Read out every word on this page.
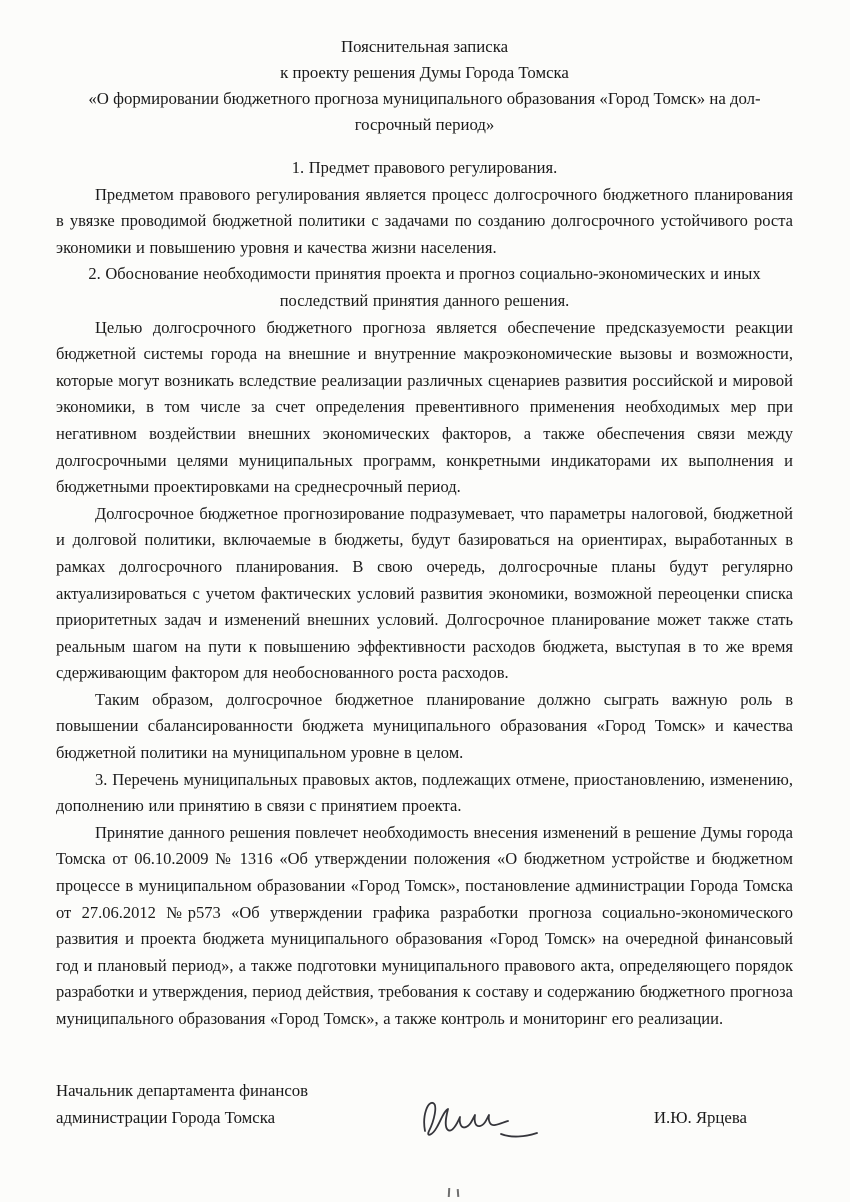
Пояснительная записка
к проекту решения Думы Города Томска
«О формировании бюджетного прогноза муниципального образования «Город Томск» на дол-
госрочный период»

1. Предмет правового регулирования.

Предметом правового регулирования является процесс долгосрочного бюджетного планирования в увязке проводимой бюджетной политики с задачами по созданию долгосрочного устойчивого роста экономики и повышению уровня и качества жизни населения.

2. Обоснование необходимости принятия проекта и прогноз социально-экономических и иных последствий принятия данного решения.

Целью долгосрочного бюджетного прогноза является обеспечение предсказуемости реакции бюджетной системы города на внешние и внутренние макроэкономические вызовы и возможности, которые могут возникать вследствие реализации различных сценариев развития российской и мировой экономики, в том числе за счет определения превентивного применения необходимых мер при негативном воздействии внешних экономических факторов, а также обеспечения связи между долгосрочными целями муниципальных программ, конкретными индикаторами их выполнения и бюджетными проектировками на среднесрочный период.

Долгосрочное бюджетное прогнозирование подразумевает, что параметры налоговой, бюджетной и долговой политики, включаемые в бюджеты, будут базироваться на ориентирах, выработанных в рамках долгосрочного планирования. В свою очередь, долгосрочные планы будут регулярно актуализироваться с учетом фактических условий развития экономики, возможной переоценки списка приоритетных задач и изменений внешних условий. Долгосрочное планирование может также стать реальным шагом на пути к повышению эффективности расходов бюджета, выступая в то же время сдерживающим фактором для необоснованного роста расходов.

Таким образом, долгосрочное бюджетное планирование должно сыграть важную роль в повышении сбалансированности бюджета муниципального образования «Город Томск» и качества бюджетной политики на муниципальном уровне в целом.

3. Перечень муниципальных правовых актов, подлежащих отмене, приостановлению, изменению, дополнению или принятию в связи с принятием проекта.

Принятие данного решения повлечет необходимость внесения изменений в решение Думы города Томска от 06.10.2009 № 1316 «Об утверждении положения «О бюджетном устройстве и бюджетном процессе в муниципальном образовании «Город Томск», постановление администрации Города Томска от 27.06.2012 №р573 «Об утверждении графика разработки прогноза социально-экономического развития и проекта бюджета муниципального образования «Город Томск» на очередной финансовый год и плановый период», а также подготовки муниципального правового акта, определяющего порядок разработки и утверждения, период действия, требования к составу и содержанию бюджетного прогноза муниципального образования «Город Томск», а также контроль и мониторинг его реализации.

Начальник департамента финансов
администрации Города Томска	И.Ю. Ярцева
